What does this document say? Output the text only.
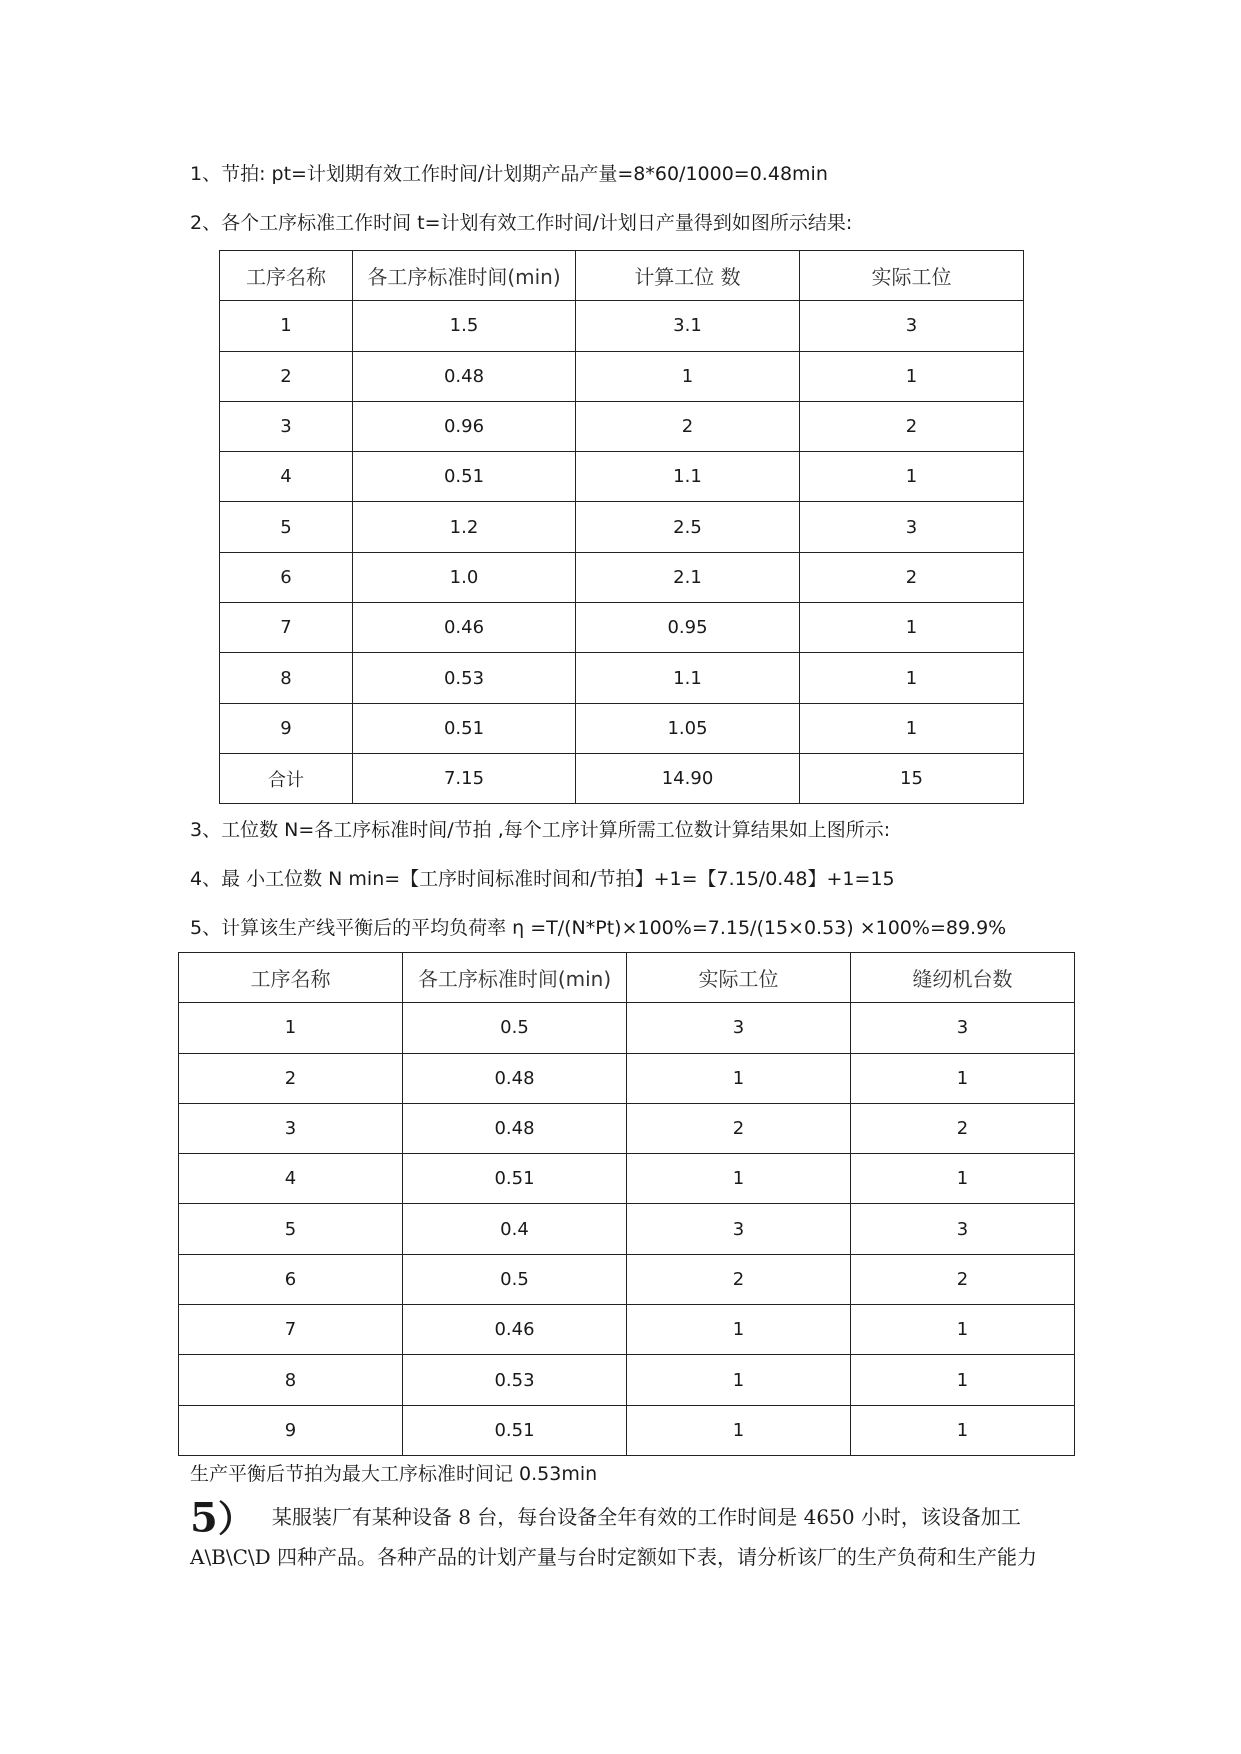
1、节拍: pt=计划期有效工作时间/计划期产品产量=8*60/1000=0.48min
2、各个工序标准工作时间 t=计划有效工作时间/计划日产量得到如图所示结果:
工序名称	各工序标准时间(min)	计算工位 数	实际工位
1	1.5	3.1	3
2	0.48	1	1
3	0.96	2	2
4	0.51	1.1	1
5	1.2	2.5	3
6	1.0	2.1	2
7	0.46	0.95	1
8	0.53	1.1	1
9	0.51	1.05	1
合计	7.15	14.90	15
3、工位数 N=各工序标准时间/节拍 ,每个工序计算所需工位数计算结果如上图所示:
4、最 小工位数 N min=【工序时间标准时间和/节拍】+1=【7.15/0.48】+1=15
5、计算该生产线平衡后的平均负荷率 η =T/(N*Pt)×100%=7.15/(15×0.53) ×100%=89.9%
工序名称	各工序标准时间(min)	实际工位	缝纫机台数
1	0.5	3	3
2	0.48	1	1
3	0.48	2	2
4	0.51	1	1
5	0.4	3	3
6	0.5	2	2
7	0.46	1	1
8	0.53	1	1
9	0.51	1	1
生产平衡后节拍为最大工序标准时间记 0.53min
5） 某服装厂有某种设备 8 台，每台设备全年有效的工作时间是 4650 小时，该设备加工 A\B\C\D 四种产品。各种产品的计划产量与台时定额如下表，请分析该厂的生产负荷和生产能力
